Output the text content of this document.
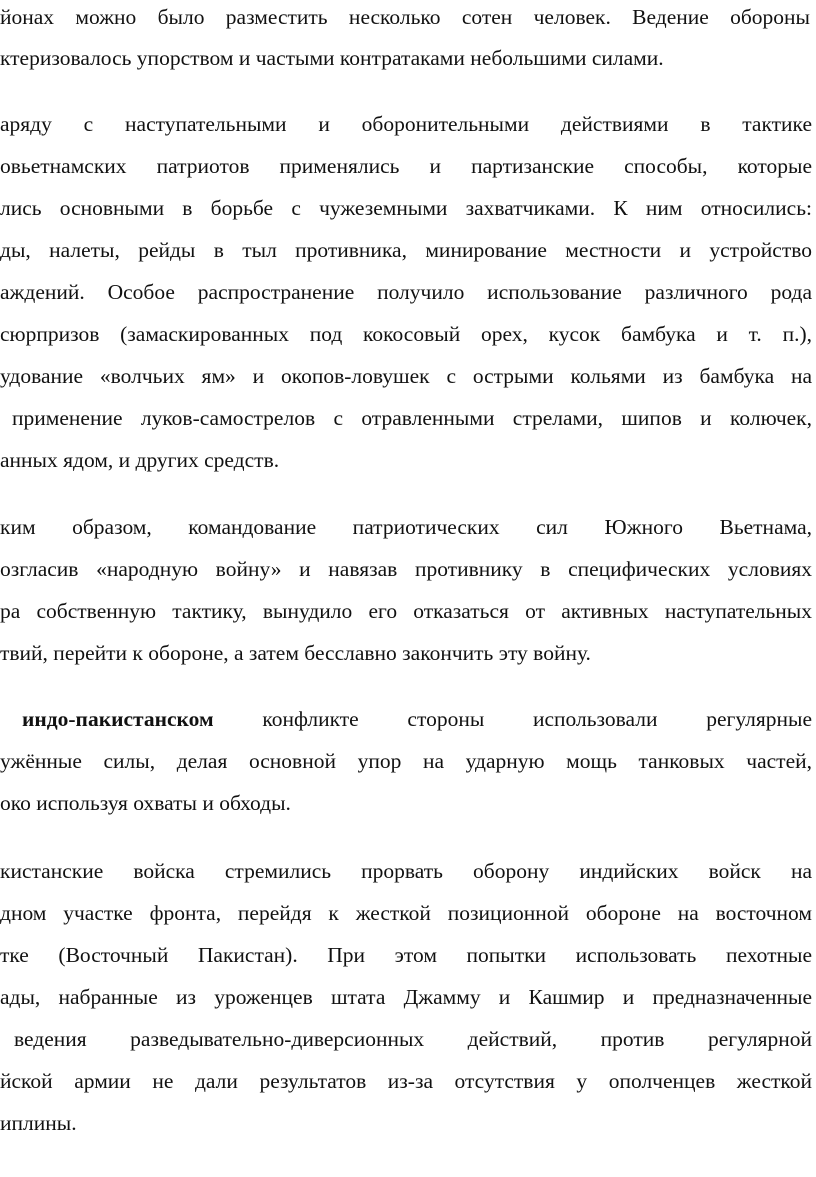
йонах можно было разместить несколько сотен человек. Ведение обороны
ктеризовалось упорством и частыми контратаками небольшими силами.
аряду с наступательными и оборонительными действиями в тактике
овьетнамских патриотов применялись и партизанские способы, которые
лись основными в борьбе с чужеземными захватчиками. К ним относились:
ды, налеты, рейды в тыл противника, минирование местности и устройство
аждений. Особое распространение получило использование различного рода
сюрпризов (замаскированных под кокосовый орех, кусок бамбука и т. п.),
удование «волчьих ям» и окопов-ловушек с острыми кольями из бамбука на
применение луков-самострелов с отравленными стрелами, шипов и колючек,
анных ядом, и других средств.
ким образом, командование патриотических сил Южного Вьетнама,
озгласив «народную войну» и навязав противнику в специфических условиях
ра собственную тактику, вынудило его отказаться от активных наступательных
твий, перейти к обороне, а затем бесславно закончить эту войну.
индо-пакистанском конфликте стороны использовали регулярные
ужённые силы, делая основной упор на ударную мощь танковых частей,
око используя охваты и обходы.
кистанские войска стремились прорвать оборону индийских войск на
дном участке фронта, перейдя к жесткой позиционной обороне на восточном
тке (Восточный Пакистан). При этом попытки использовать пехотные
ады, набранные из уроженцев штата Джамму и Кашмир и предназначенные
ведения разведывательно-диверсионных действий, против регулярной
йской армии не дали результатов из-за отсутствия у ополченцев жесткой
иплины.
